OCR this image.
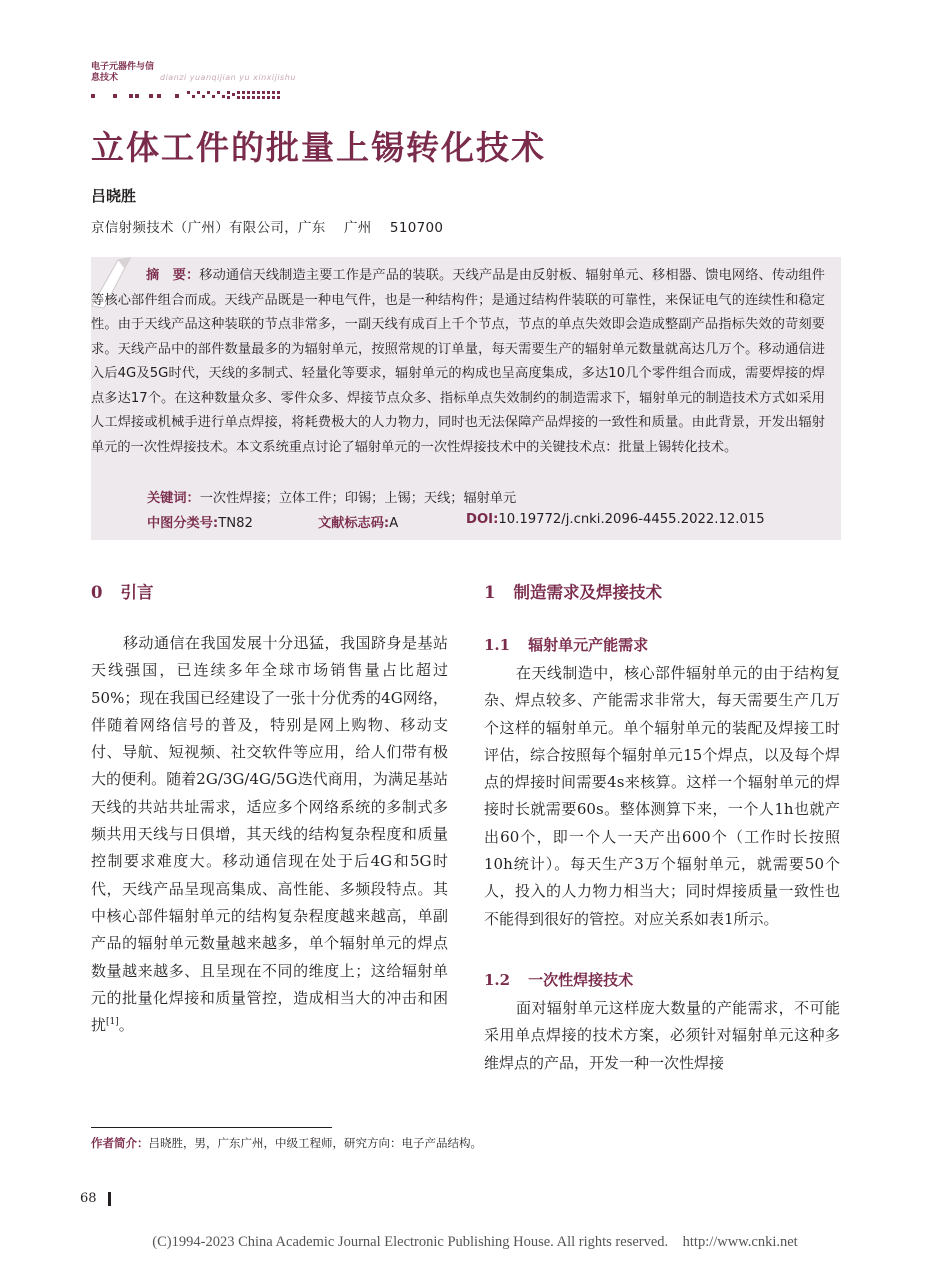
电子元器件与信息技术	dianzi yuanqijian yu xinxijishu
立体工件的批量上锡转化技术
吕晓胜
京信射频技术（广州）有限公司，广东    广州    510700
摘　要：移动通信天线制造主要工作是产品的装联。天线产品是由反射板、辐射单元、移相器、馈电网络、传动组件等核心部件组合而成。天线产品既是一种电气件，也是一种结构件；是通过结构件装联的可靠性，来保证电气的连续性和稳定性。由于天线产品这种装联的节点非常多，一副天线有成百上千个节点，节点的单点失效即会造成整副产品指标失效的苛刻要求。天线产品中的部件数量最多的为辐射单元，按照常规的订单量，每天需要生产的辐射单元数量就高达几万个。移动通信进入后4G及5G时代，天线的多制式、轻量化等要求，辐射单元的构成也呈高度集成，多达10几个零件组合而成，需要焊接的焊点多达17个。在这种数量众多、零件众多、焊接节点众多、指标单点失效制约的制造需求下，辐射单元的制造技术方式如采用人工焊接或机械手进行单点焊接，将耗费极大的人力物力，同时也无法保障产品焊接的一致性和质量。由此背景，开发出辐射单元的一次性焊接技术。本文系统重点讨论了辐射单元的一次性焊接技术中的关键技术点：批量上锡转化技术。
关键词：一次性焊接；立体工件；印锡；上锡；天线；辐射单元
中图分类号:TN82	文献标志码:A	DOI:10.19772/j.cnki.2096-4455.2022.12.015
0 引言
移动通信在我国发展十分迅猛，我国跻身是基站天线强国，已连续多年全球市场销售量占比超过50%；现在我国已经建设了一张十分优秀的4G网络，伴随着网络信号的普及，特别是网上购物、移动支付、导航、短视频、社交软件等应用，给人们带有极大的便利。随着2G/3G/4G/5G迭代商用，为满足基站天线的共站共址需求，适应多个网络系统的多制式多频共用天线与日俱增，其天线的结构复杂程度和质量控制要求难度大。移动通信现在处于后4G和5G时代，天线产品呈现高集成、高性能、多频段特点。其中核心部件辐射单元的结构复杂程度越来越高，单副产品的辐射单元数量越来越多，单个辐射单元的焊点数量越来越多、且呈现在不同的维度上；这给辐射单元的批量化焊接和质量管控，造成相当大的冲击和困扰[1]。
1 制造需求及焊接技术
1.1 辐射单元产能需求
在天线制造中，核心部件辐射单元的由于结构复杂、焊点较多、产能需求非常大，每天需要生产几万个这样的辐射单元。单个辐射单元的装配及焊接工时评估，综合按照每个辐射单元15个焊点，以及每个焊点的焊接时间需要4s来核算。这样一个辐射单元的焊接时长就需要60s。整体测算下来，一个人1h也就产出60个，即一个人一天产出600个（工作时长按照10h统计）。每天生产3万个辐射单元，就需要50个人，投入的人力物力相当大；同时焊接质量一致性也不能得到很好的管控。对应关系如表1所示。
1.2 一次性焊接技术
面对辐射单元这样庞大数量的产能需求，不可能采用单点焊接的技术方案，必须针对辐射单元这种多维焊点的产品，开发一种一次性焊接
作者简介：吕晓胜，男，广东广州，中级工程师，研究方向：电子产品结构。
68
(C)1994-2023 China Academic Journal Electronic Publishing House. All rights reserved.    http://www.cnki.net
